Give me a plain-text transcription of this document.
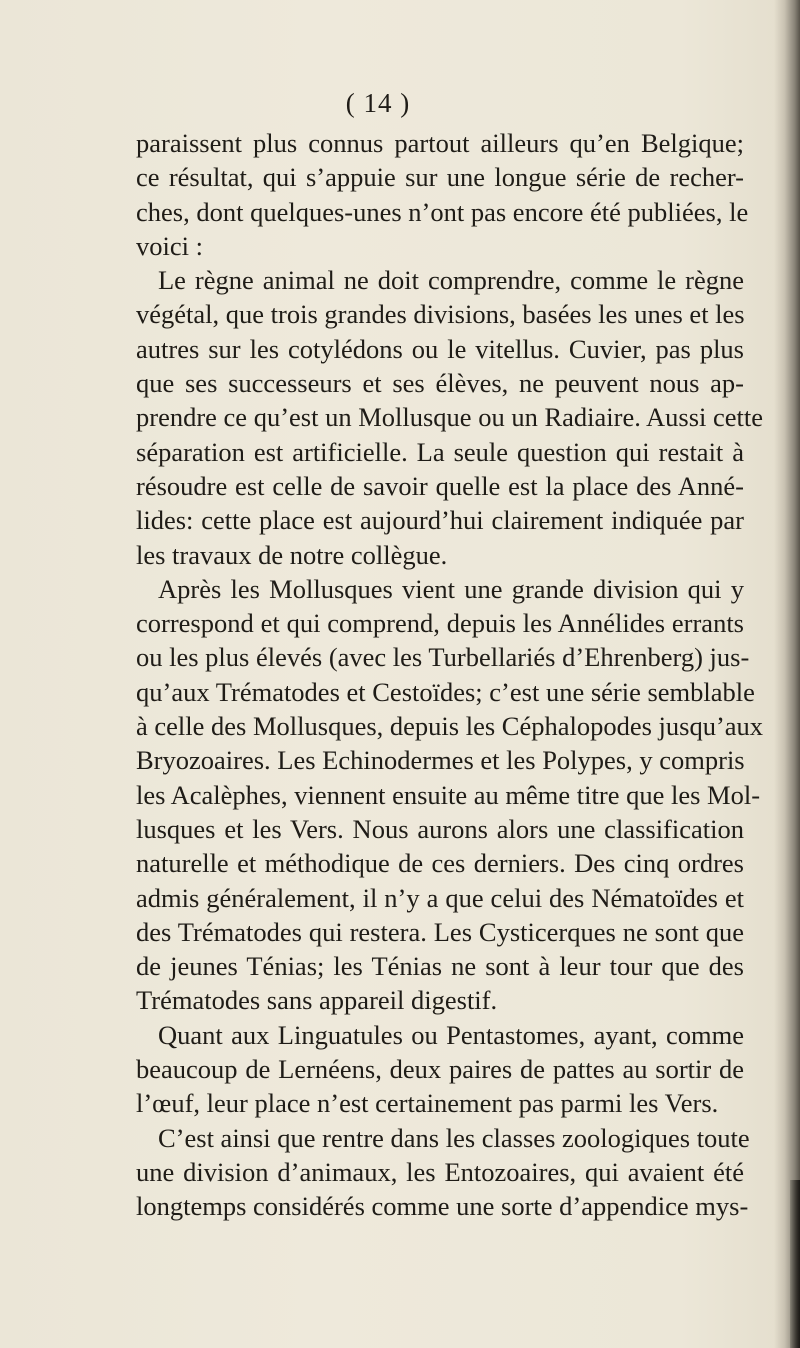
( 14 )
paraissent plus connus partout ailleurs qu’en Belgique;
ce résultat, qui s’appuie sur une longue série de recher-
ches, dont quelques-unes n’ont pas encore été publiées, le
voici :
Le règne animal ne doit comprendre, comme le règne
végétal, que trois grandes divisions, basées les unes et les
autres sur les cotylédons ou le vitellus. Cuvier, pas plus
que ses successeurs et ses élèves, ne peuvent nous ap-
prendre ce qu’est un Mollusque ou un Radiaire. Aussi cette
séparation est artificielle. La seule question qui restait à
résoudre est celle de savoir quelle est la place des Anné-
lides: cette place est aujourd’hui clairement indiquée par
les travaux de notre collègue.
Après les Mollusques vient une grande division qui y
correspond et qui comprend, depuis les Annélides errants
ou les plus élevés (avec les Turbellariés d’Ehrenberg) jus-
qu’aux Trématodes et Cestoïdes; c’est une série semblable
à celle des Mollusques, depuis les Céphalopodes jusqu’aux
Bryozoaires. Les Echinodermes et les Polypes, y compris
les Acalèphes, viennent ensuite au même titre que les Mol-
lusques et les Vers. Nous aurons alors une classification
naturelle et méthodique de ces derniers. Des cinq ordres
admis généralement, il n’y a que celui des Nématoïdes et
des Trématodes qui restera. Les Cysticerques ne sont que
de jeunes Ténias; les Ténias ne sont à leur tour que des
Trématodes sans appareil digestif.
Quant aux Linguatules ou Pentastomes, ayant, comme
beaucoup de Lernéens, deux paires de pattes au sortir de
l’œuf, leur place n’est certainement pas parmi les Vers.
C’est ainsi que rentre dans les classes zoologiques toute
une division d’animaux, les Entozoaires, qui avaient été
longtemps considérés comme une sorte d’appendice mys-
